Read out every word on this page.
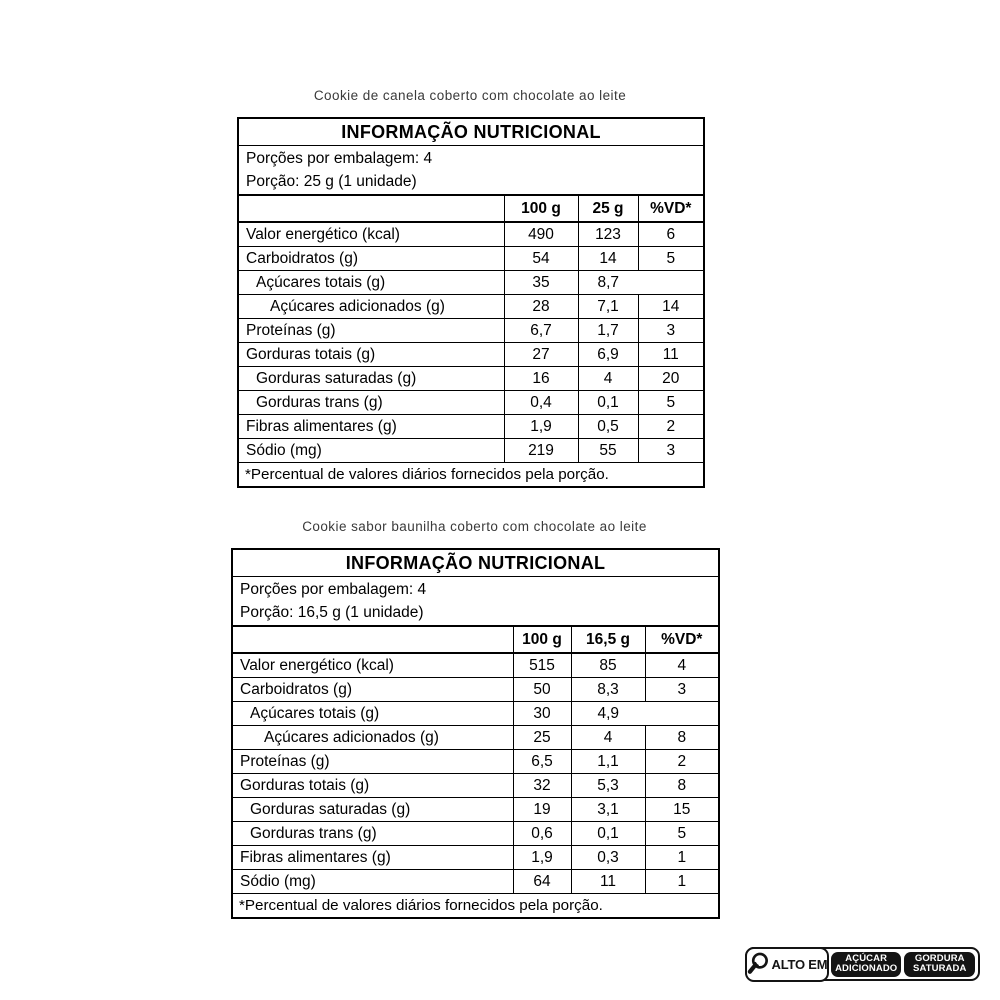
Cookie de canela coberto com chocolate ao leite
INFORMAÇÃO NUTRICIONAL			

Porções por embalagem: 4
Porção: 25 g (1 unidade)			

	100 g	25 g	%VD*
Valor energético (kcal)	490	123	6
Carboidratos (g)	54	14	5
Açúcares totais (g)	35	8,7	
Açúcares adicionados (g)	28	7,1	14
Proteínas (g)	6,7	1,7	3
Gorduras totais (g)	27	6,9	11
Gorduras saturadas (g)	16	4	20
Gorduras trans (g)	0,4	0,1	5
Fibras alimentares (g)	1,9	0,5	2
Sódio (mg)	219	55	3
*Percentual de valores diários fornecidos pela porção.			
Cookie sabor baunilha coberto com chocolate ao leite
INFORMAÇÃO NUTRICIONAL			

Porções por embalagem: 4
Porção: 16,5 g (1 unidade)			

	100 g	16,5 g	%VD*
Valor energético (kcal)	515	85	4
Carboidratos (g)	50	8,3	3
Açúcares totais (g)	30	4,9	
Açúcares adicionados (g)	25	4	8
Proteínas (g)	6,5	1,1	2
Gorduras totais (g)	32	5,3	8
Gorduras saturadas (g)	19	3,1	15
Gorduras trans (g)	0,6	0,1	5
Fibras alimentares (g)	1,9	0,3	1
Sódio (mg)	64	11	1
*Percentual de valores diários fornecidos pela porção.			
ALTO EM AÇÚCAR
ADICIONADO
GORDURA
SATURADA
